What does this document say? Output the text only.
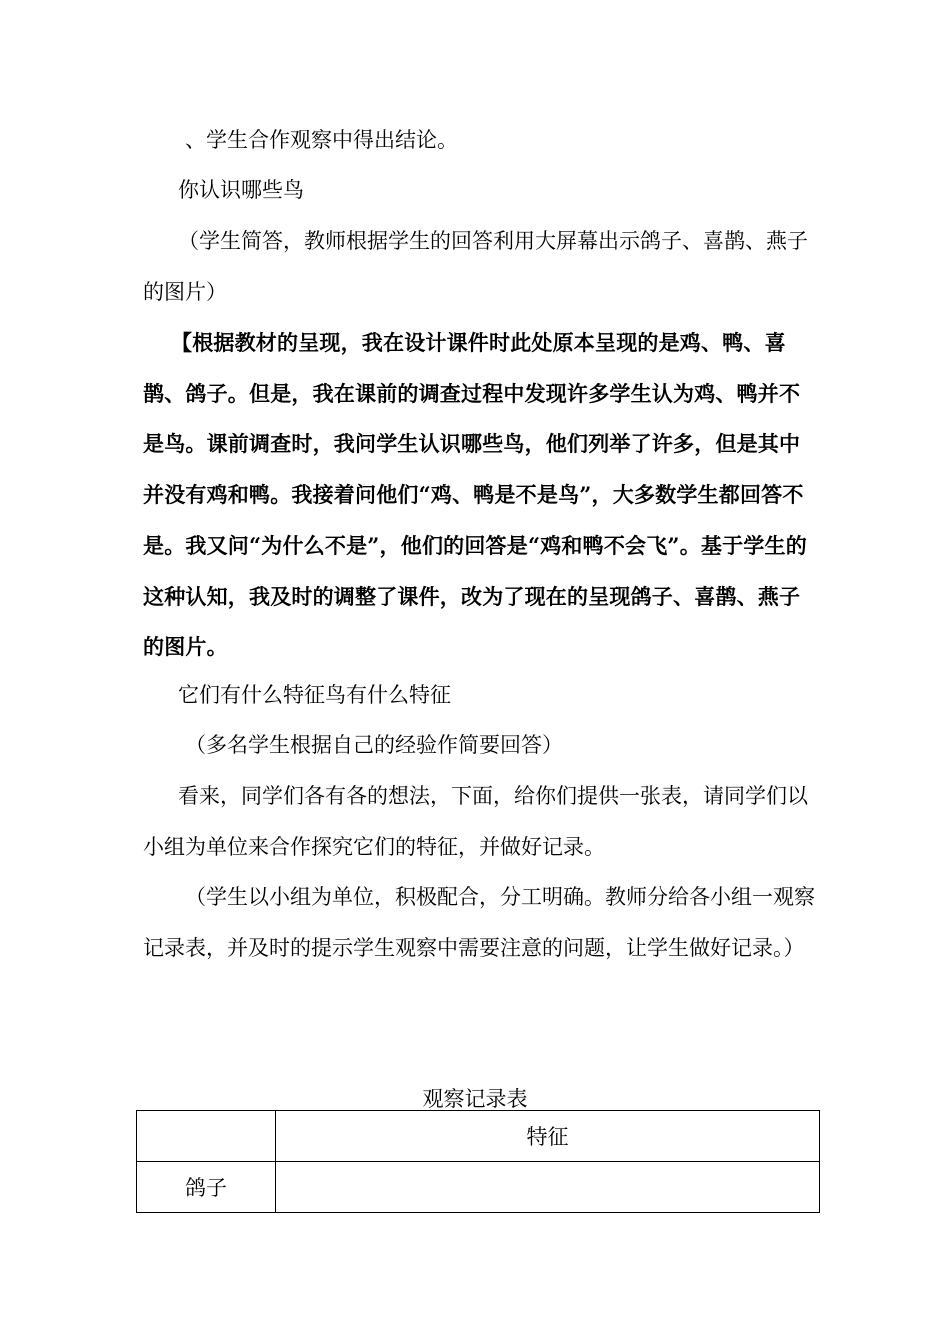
、学生合作观察中得出结论。

你认识哪些鸟

（学生简答，教师根据学生的回答利用大屏幕出示鸽子、喜鹊、燕子的图片）

【根据教材的呈现，我在设计课件时此处原本呈现的是鸡、鸭、喜鹊、鸽子。但是，我在课前的调查过程中发现许多学生认为鸡、鸭并不是鸟。课前调查时，我问学生认识哪些鸟，他们列举了许多，但是其中并没有鸡和鸭。我接着问他们“鸡、鸭是不是鸟”，大多数学生都回答不是。我又问“为什么不是”，他们的回答是“鸡和鸭不会飞”。基于学生的这种认知，我及时的调整了课件，改为了现在的呈现鸽子、喜鹊、燕子的图片。

它们有什么特征鸟有什么特征

（多名学生根据自己的经验作简要回答）

看来，同学们各有各的想法，下面，给你们提供一张表，请同学们以小组为单位来合作探究它们的特征，并做好记录。

（学生以小组为单位，积极配合，分工明确。教师分给各小组一观察记录表，并及时的提示学生观察中需要注意的问题，让学生做好记录。）

观察记录表
	特征
鸽子	
